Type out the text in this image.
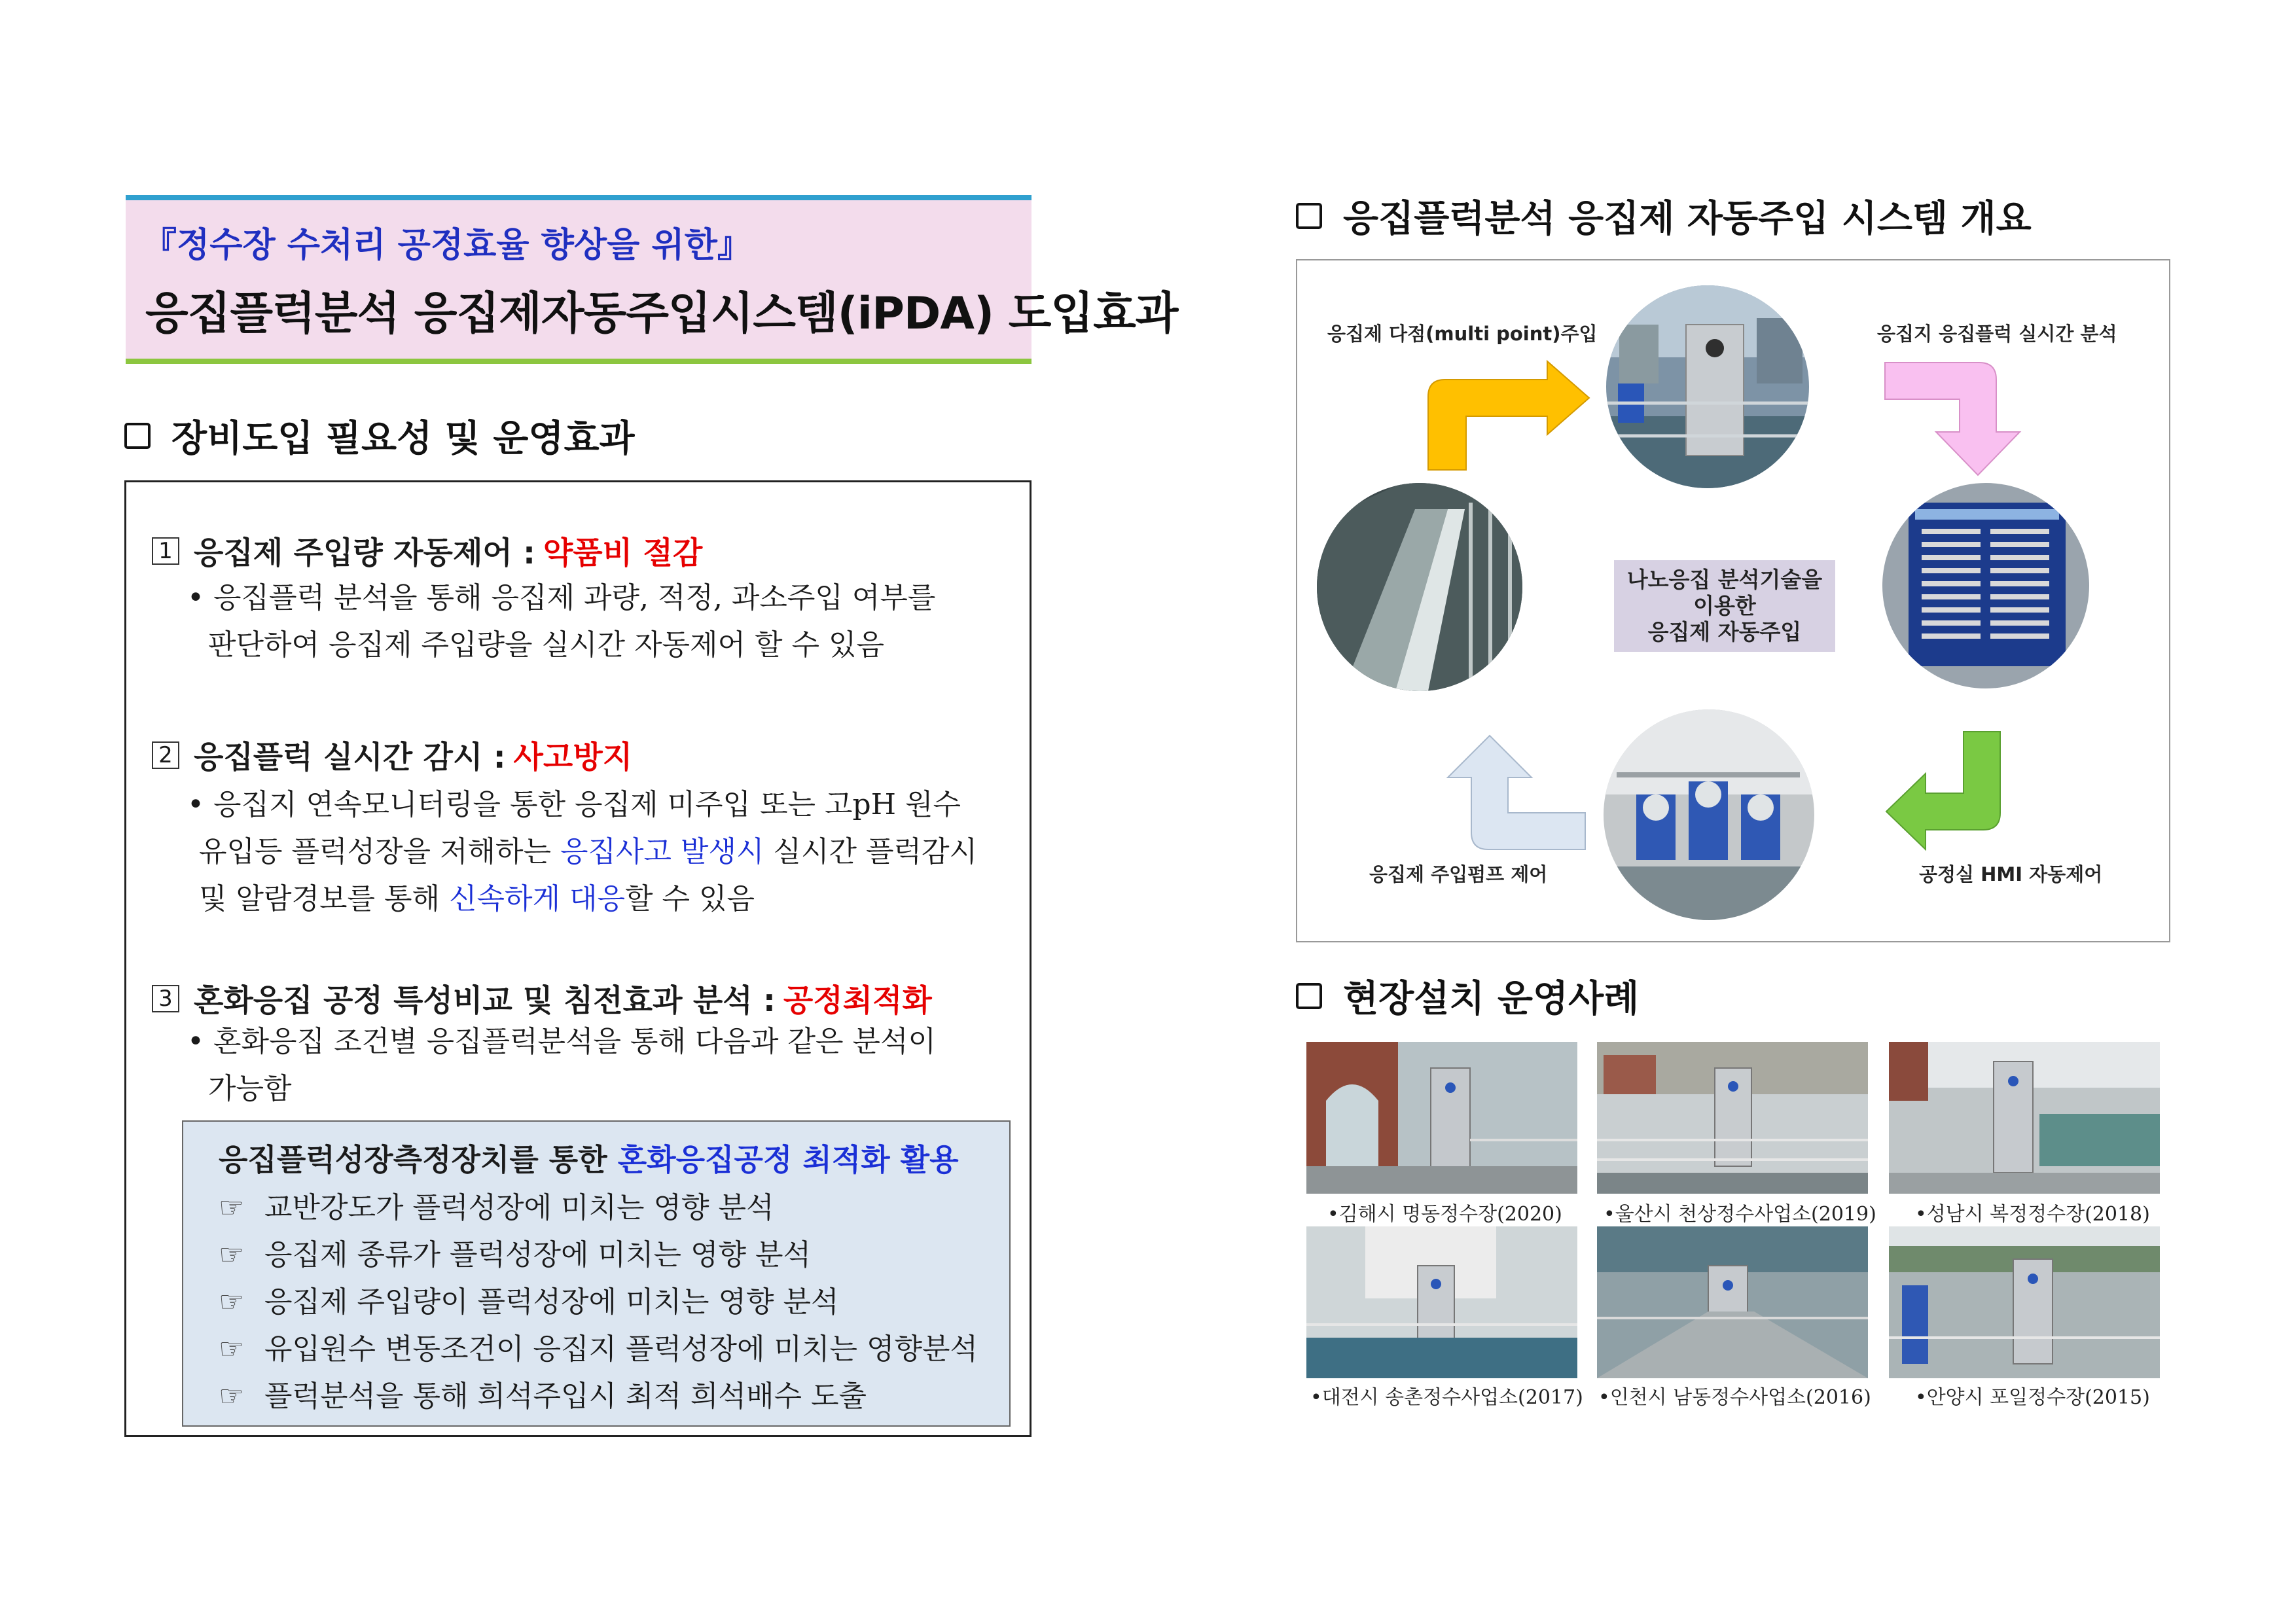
『정수장 수처리 공정효율 향상을 위한』
응집플럭분석 응집제자동주입시스템(iPDA) 도입효과
장비도입 필요성 및 운영효과
1 응집제 주입량 자동제어 : 약품비 절감
• 응집플럭 분석을 통해 응집제 과량, 적정, 과소주입 여부를
판단하여 응집제 주입량을 실시간 자동제어 할 수 있음
2 응집플럭 실시간 감시 : 사고방지
• 응집지 연속모니터링을 통한 응집제 미주입 또는 고pH 원수
유입등 플럭성장을 저해하는 응집사고 발생시 실시간 플럭감시
및 알람경보를 통해 신속하게 대응할 수 있음
3 혼화응집 공정 특성비교 및 침전효과 분석 : 공정최적화
• 혼화응집 조건별 응집플럭분석을 통해 다음과 같은 분석이
가능함
응집플럭성장측정장치를 통한 혼화응집공정 최적화 활용
☞ 교반강도가 플럭성장에 미치는 영향 분석
☞ 응집제 종류가 플럭성장에 미치는 영향 분석
☞ 응집제 주입량이 플럭성장에 미치는 영향 분석
☞ 유입원수 변동조건이 응집지 플럭성장에 미치는 영향분석
☞ 플럭분석을 통해 희석주입시 최적 희석배수 도출
응집플럭분석 응집제 자동주입 시스템 개요
응집제 다점(multi point)주입	응집지 응집플럭 실시간 분석
응집제 주입펌프 제어	공정실 HMI 자동제어
나노응집 분석기술을
이용한
응집제 자동주입
현장설치 운영사례
•김해시 명동정수장(2020) •울산시 천상정수사업소(2019) •성남시 복정정수장(2018)
•대전시 송촌정수사업소(2017) •인천시 남동정수사업소(2016) •안양시 포일정수장(2015)
